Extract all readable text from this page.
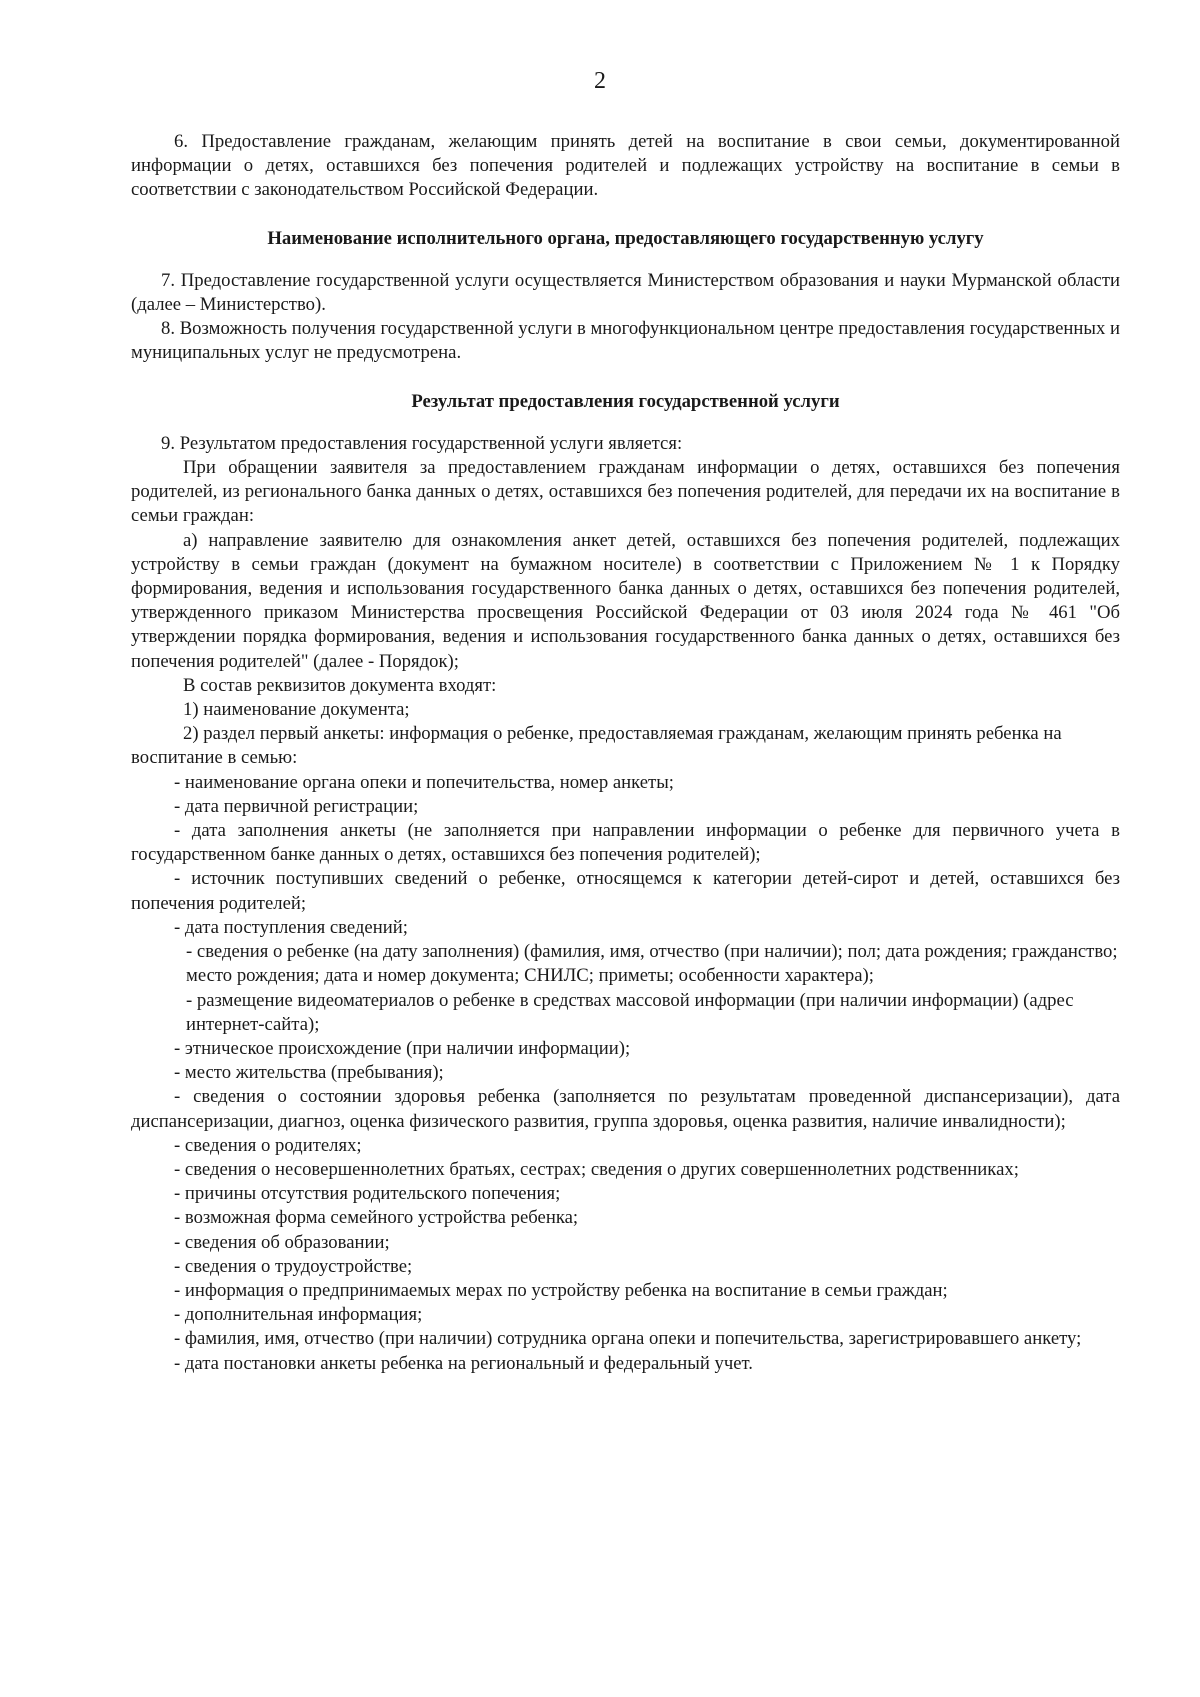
2

6. Предоставление гражданам, желающим принять детей на воспитание в свои семьи, документированной информации о детях, оставшихся без попечения родителей и подлежащих устройству на воспитание в семьи в соответствии с законодательством Российской Федерации.

Наименование исполнительного органа, предоставляющего государственную услугу

7. Предоставление государственной услуги осуществляется Министерством образования и науки Мурманской области (далее – Министерство).

8. Возможность получения государственной услуги в многофункциональном центре предоставления государственных и муниципальных услуг не предусмотрена.

Результат предоставления государственной услуги

9. Результатом предоставления государственной услуги является:

При обращении заявителя за предоставлением гражданам информации о детях, оставшихся без попечения родителей, из регионального банка данных о детях, оставшихся без попечения родителей, для передачи их на воспитание в семьи граждан:

а) направление заявителю для ознакомления анкет детей, оставшихся без попечения родителей, подлежащих устройству в семьи граждан (документ на бумажном носителе) в соответствии с Приложением № 1 к Порядку формирования, ведения и использования государственного банка данных о детях, оставшихся без попечения родителей, утвержденного приказом Министерства просвещения Российской Федерации от 03 июля 2024 года № 461 "Об утверждении порядка формирования, ведения и использования государственного банка данных о детях, оставшихся без попечения родителей" (далее - Порядок);

В состав реквизитов документа входят:

1) наименование документа;

2) раздел первый анкеты: информация о ребенке, предоставляемая гражданам, желающим принять ребенка на воспитание в семью:

- наименование органа опеки и попечительства, номер анкеты;

- дата первичной регистрации;

- дата заполнения анкеты (не заполняется при направлении информации о ребенке для первичного учета в государственном банке данных о детях, оставшихся без попечения родителей);

- источник поступивших сведений о ребенке, относящемся к категории детей-сирот и детей, оставшихся без попечения родителей;

- дата поступления сведений;

- сведения о ребенке (на дату заполнения) (фамилия, имя, отчество (при наличии); пол; дата рождения; гражданство; место рождения; дата и номер документа; СНИЛС; приметы; особенности характера);

- размещение видеоматериалов о ребенке в средствах массовой информации (при наличии информации) (адрес интернет-сайта);

- этническое происхождение (при наличии информации);

- место жительства (пребывания);

- сведения о состоянии здоровья ребенка (заполняется по результатам проведенной диспансеризации), дата диспансеризации, диагноз, оценка физического развития, группа здоровья, оценка развития, наличие инвалидности);

- сведения о родителях;

- сведения о несовершеннолетних братьях, сестрах; сведения о других совершеннолетних родственниках;

- причины отсутствия родительского попечения;

- возможная форма семейного устройства ребенка;

- сведения об образовании;

- сведения о трудоустройстве;

- информация о предпринимаемых мерах по устройству ребенка на воспитание в семьи граждан;

- дополнительная информация;

- фамилия, имя, отчество (при наличии) сотрудника органа опеки и попечительства, зарегистрировавшего анкету;

- дата постановки анкеты ребенка на региональный и федеральный учет.
